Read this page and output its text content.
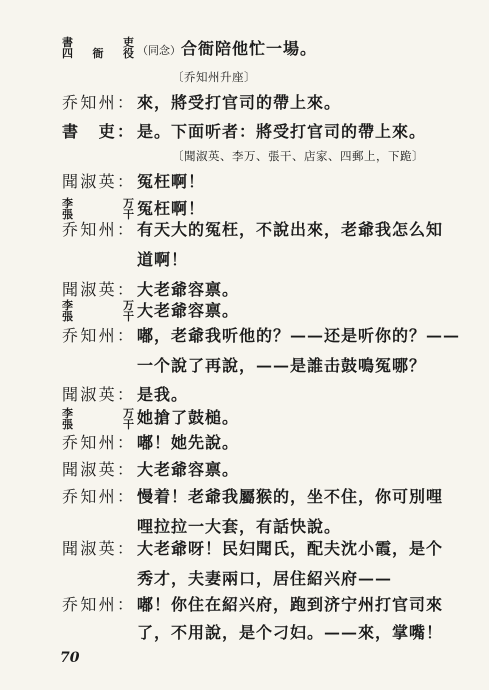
書　　吏
四衙役 （同念）合衙陪他忙一場。
〔乔知州升座〕
乔知州： 來，將受打官司的帶上來。
書　吏： 是。下面听者：將受打官司的帶上來。
〔聞淑英、李万、張干、店家、四郵上，下跪〕
聞淑英： 冤枉啊！
李　万
張　干 冤枉啊！
乔知州： 有天大的冤枉，不說出來，老爺我怎么知
道啊！
聞淑英： 大老爺容禀。
李　万
張　干 大老爺容禀。
乔知州： 嘟，老爺我听他的？——还是听你的？——
一个說了再說，——是誰击鼓鳴冤哪？
聞淑英： 是我。
李　万
張　干 她搶了鼓槌。
乔知州： 嘟！她先說。
聞淑英： 大老爺容禀。
乔知州： 慢着！老爺我屬猴的，坐不住，你可別哩
哩拉拉一大套，有話快說。
聞淑英： 大老爺呀！民妇聞氏，配夫沈小霞，是个
秀才，夫妻兩口，居住紹兴府——
乔知州： 嘟！你住在紹兴府，跑到济宁州打官司來
了，不用說，是个刁妇。——來，掌嘴！
70
